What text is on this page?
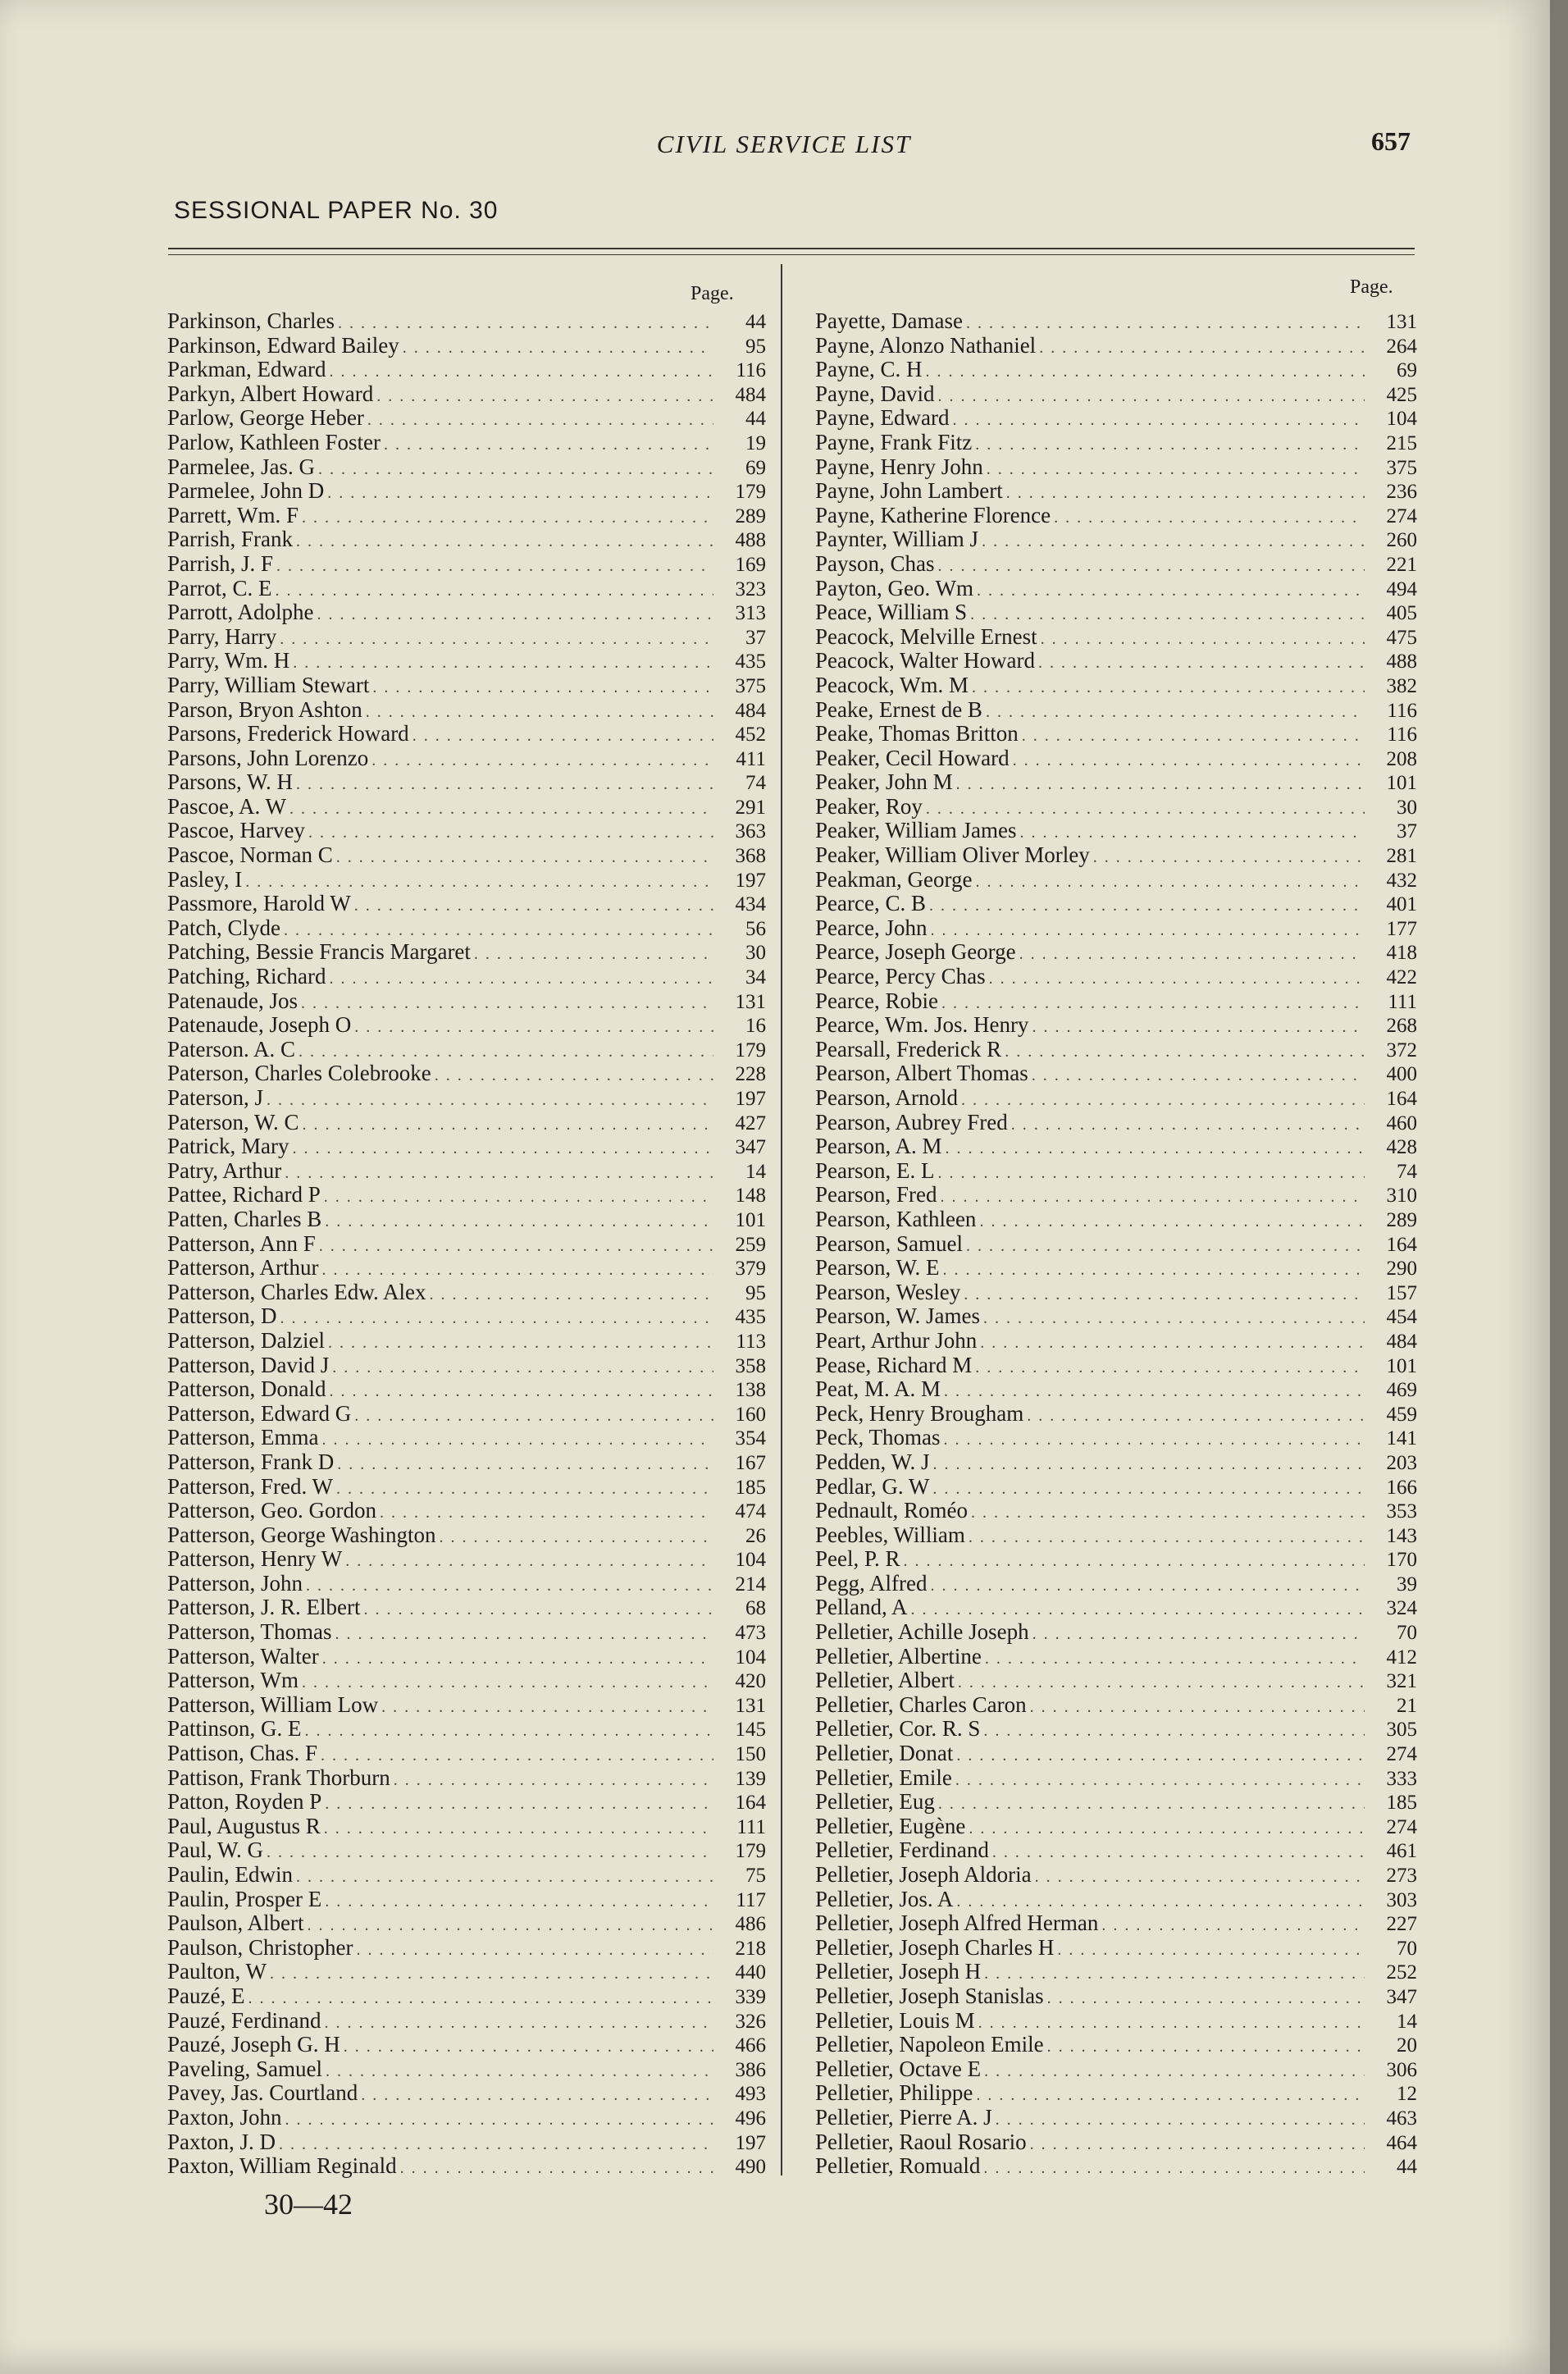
CIVIL SERVICE LIST	657
SESSIONAL PAPER No. 30
Page.	Page.
Parkinson, Charles . . .	44
Parkinson, Edward Bailey . . .	95
Parkman, Edward . . .	116
Parkyn, Albert Howard . . .	484
Parlow, George Heber . . .	44
Parlow, Kathleen Foster . . .	19
Parmelee, Jas. G . . .	69
Parmelee, John D . . .	179
Parrett, Wm. F . . .	289
Parrish, Frank . . .	488
Parrish, J. F . . .	169
Parrot, C. E . . .	323
Parrott, Adolphe . . .	313
Parry, Harry . . .	37
Parry, Wm. H . . .	435
Parry, William Stewart . . .	375
Parson, Bryon Ashton . . .	484
Parsons, Frederick Howard . . .	452
Parsons, John Lorenzo . . .	411
Parsons, W. H . . .	74
Pascoe, A. W . . .	291
Pascoe, Harvey . . .	363
Pascoe, Norman C . . .	368
Pasley, I . . .	197
Passmore, Harold W . . .	434
Patch, Clyde . . .	56
Patching, Bessie Francis Margaret . . .	30
Patching, Richard . . .	34
Patenaude, Jos . . .	131
Patenaude, Joseph O . . .	16
Paterson. A. C . . .	179
Paterson, Charles Colebrooke . . .	228
Paterson, J . . .	197
Paterson, W. C . . .	427
Patrick, Mary . . .	347
Patry, Arthur . . .	14
Pattee, Richard P . . .	148
Patten, Charles B . . .	101
Patterson, Ann F . . .	259
Patterson, Arthur . . .	379
Patterson, Charles Edw. Alex . . .	95
Patterson, D . . .	435
Patterson, Dalziel . . .	113
Patterson, David J . . .	358
Patterson, Donald . . .	138
Patterson, Edward G . . .	160
Patterson, Emma . . .	354
Patterson, Frank D . . .	167
Patterson, Fred. W . . .	185
Patterson, Geo. Gordon . . .	474
Patterson, George Washington . . .	26
Patterson, Henry W . . .	104
Patterson, John . . .	214
Patterson, J. R. Elbert . . .	68
Patterson, Thomas . . .	473
Patterson, Walter . . .	104
Patterson, Wm . . .	420
Patterson, William Low . . .	131
Pattinson, G. E . . .	145
Pattison, Chas. F . . .	150
Pattison, Frank Thorburn . . .	139
Patton, Royden P . . .	164
Paul, Augustus R . . .	111
Paul, W. G . . .	179
Paulin, Edwin . . .	75
Paulin, Prosper E . . .	117
Paulson, Albert . . .	486
Paulson, Christopher . . .	218
Paulton, W . . .	440
Pauzé, E . . .	339
Pauzé, Ferdinand . . .	326
Pauzé, Joseph G. H . . .	466
Paveling, Samuel . . .	386
Pavey, Jas. Courtland . . .	493
Paxton, John . . .	496
Paxton, J. D . . .	197
Paxton, William Reginald . . .	490
Payette, Damase . . .	131
Payne, Alonzo Nathaniel . . .	264
Payne, C. H . . .	69
Payne, David . . .	425
Payne, Edward . . .	104
Payne, Frank Fitz . . .	215
Payne, Henry John . . .	375
Payne, John Lambert . . .	236
Payne, Katherine Florence . . .	274
Paynter, William J . . .	260
Payson, Chas . . .	221
Payton, Geo. Wm . . .	494
Peace, William S . . .	405
Peacock, Melville Ernest . . .	475
Peacock, Walter Howard . . .	488
Peacock, Wm. M . . .	382
Peake, Ernest de B . . .	116
Peake, Thomas Britton . . .	116
Peaker, Cecil Howard . . .	208
Peaker, John M . . .	101
Peaker, Roy . . .	30
Peaker, William James . . .	37
Peaker, William Oliver Morley . . .	281
Peakman, George . . .	432
Pearce, C. B . . .	401
Pearce, John . . .	177
Pearce, Joseph George . . .	418
Pearce, Percy Chas . . .	422
Pearce, Robie . . .	111
Pearce, Wm. Jos. Henry . . .	268
Pearsall, Frederick R . . .	372
Pearson, Albert Thomas . . .	400
Pearson, Arnold . . .	164
Pearson, Aubrey Fred . . .	460
Pearson, A. M . . .	428
Pearson, E. L . . .	74
Pearson, Fred . . .	310
Pearson, Kathleen . . .	289
Pearson, Samuel . . .	164
Pearson, W. E . . .	290
Pearson, Wesley . . .	157
Pearson, W. James . . .	454
Peart, Arthur John . . .	484
Pease, Richard M . . .	101
Peat, M. A. M . . .	469
Peck, Henry Brougham . . .	459
Peck, Thomas . . .	141
Pedden, W. J . . .	203
Pedlar, G. W . . .	166
Pednault, Roméo . . .	353
Peebles, William . . .	143
Peel, P. R . . .	170
Pegg, Alfred . . .	39
Pelland, A . . .	324
Pelletier, Achille Joseph . . .	70
Pelletier, Albertine . . .	412
Pelletier, Albert . . .	321
Pelletier, Charles Caron . . .	21
Pelletier, Cor. R. S . . .	305
Pelletier, Donat . . .	274
Pelletier, Emile . . .	333
Pelletier, Eug . . .	185
Pelletier, Eugène . . .	274
Pelletier, Ferdinand . . .	461
Pelletier, Joseph Aldoria . . .	273
Pelletier, Jos. A . . .	303
Pelletier, Joseph Alfred Herman . . .	227
Pelletier, Joseph Charles H . . .	70
Pelletier, Joseph H . . .	252
Pelletier, Joseph Stanislas . . .	347
Pelletier, Louis M . . .	14
Pelletier, Napoleon Emile . . .	20
Pelletier, Octave E . . .	306
Pelletier, Philippe . . .	12
Pelletier, Pierre A. J . . .	463
Pelletier, Raoul Rosario . . .	464
Pelletier, Romuald . . .	44
30—42
